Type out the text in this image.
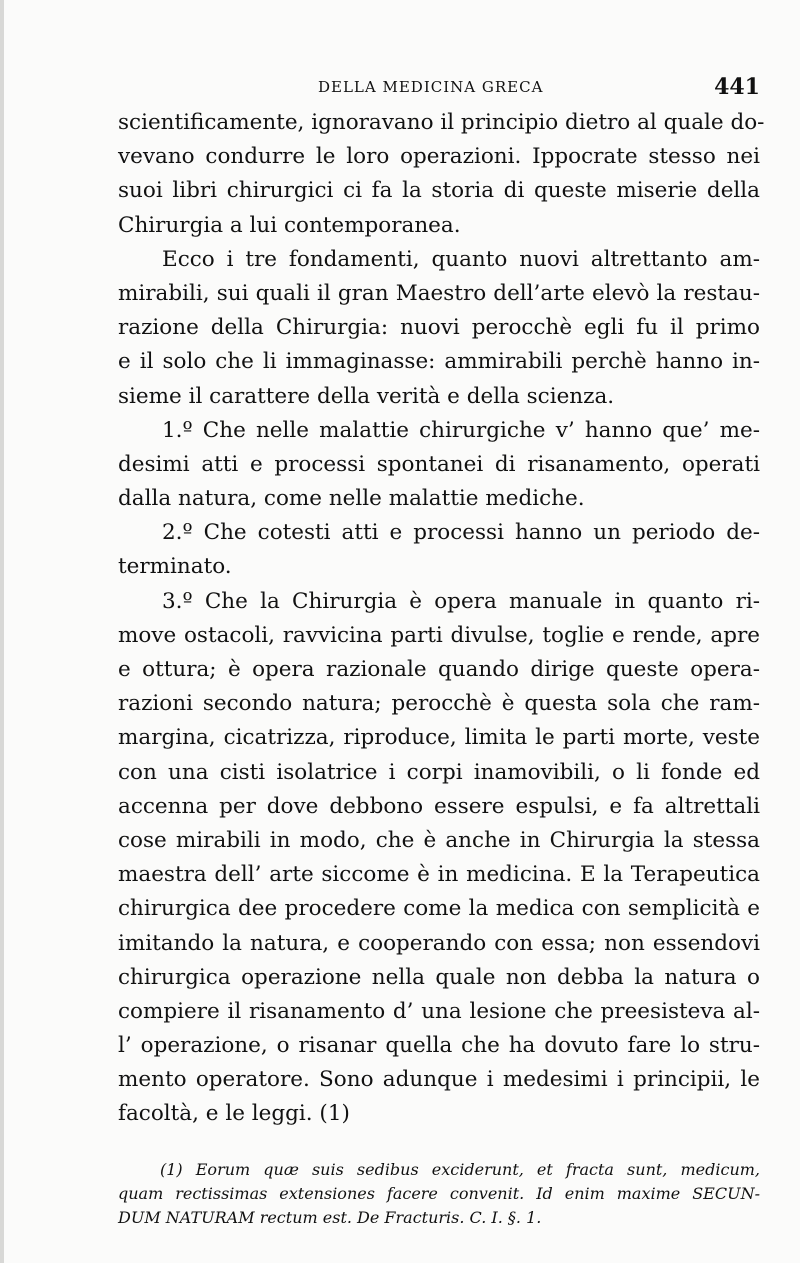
DELLA MEDICINA GRECA	441
scientificamente, ignoravano il principio dietro al quale do-
vevano condurre le loro operazioni. Ippocrate stesso nei
suoi libri chirurgici ci fa la storia di queste miserie della
Chirurgia a lui contemporanea.
Ecco i tre fondamenti, quanto nuovi altrettanto am-
mirabili, sui quali il gran Maestro dell’arte elevò la restau-
razione della Chirurgia: nuovi perocchè egli fu il primo
e il solo che li immaginasse: ammirabili perchè hanno in-
sieme il carattere della verità e della scienza.
1.º Che nelle malattie chirurgiche v’ hanno que’ me-
desimi atti e processi spontanei di risanamento, operati
dalla natura, come nelle malattie mediche.
2.º Che cotesti atti e processi hanno un periodo de-
terminato.
3.º Che la Chirurgia è opera manuale in quanto ri-
move ostacoli, ravvicina parti divulse, toglie e rende, apre
e ottura; è opera razionale quando dirige queste opera-
razioni secondo natura; perocchè è questa sola che ram-
margina, cicatrizza, riproduce, limita le parti morte, veste
con una cisti isolatrice i corpi inamovibili, o li fonde ed
accenna per dove debbono essere espulsi, e fa altrettali
cose mirabili in modo, che è anche in Chirurgia la stessa
maestra dell’ arte siccome è in medicina. E la Terapeutica
chirurgica dee procedere come la medica con semplicità e
imitando la natura, e cooperando con essa; non essendovi
chirurgica operazione nella quale non debba la natura o
compiere il risanamento d’ una lesione che preesisteva al-
l’ operazione, o risanar quella che ha dovuto fare lo stru-
mento operatore. Sono adunque i medesimi i principii, le
facoltà, e le leggi. (1)
(1) Eorum quæ suis sedibus exciderunt, et fracta sunt, medicum,
quam rectissimas extensiones facere convenit. Id enim maxime SECUN-
DUM NATURAM rectum est. De Fracturis. C. I. §. 1.
